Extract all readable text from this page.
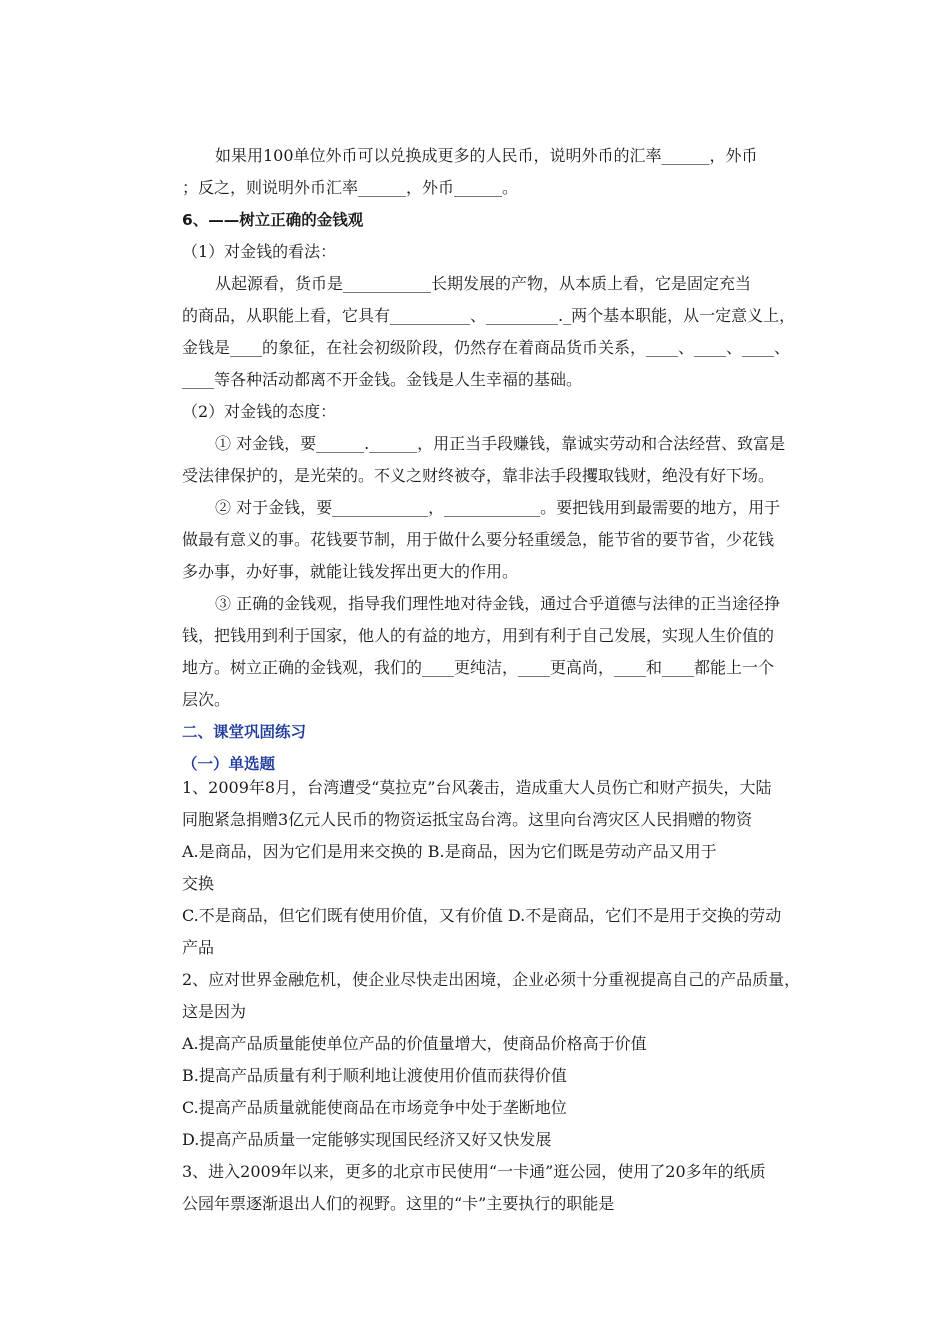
如果用100单位外币可以兑换成更多的人民币，说明外币的汇率______，外币
；反之，则说明外币汇率______，外币______。
6、——树立正确的金钱观
（1）对金钱的看法：
从起源看，货币是___________长期发展的产物，从本质上看，它是固定充当
的商品，从职能上看，它具有__________、_________._两个基本职能，从一定意义上，
金钱是____的象征，在社会初级阶段，仍然存在着商品货币关系，____、____、____、
____等各种活动都离不开金钱。金钱是人生幸福的基础。
（2）对金钱的态度：
① 对金钱，要______.______，用正当手段赚钱，靠诚实劳动和合法经营、致富是
受法律保护的，是光荣的。不义之财终被夺，靠非法手段攫取钱财，绝没有好下场。
② 对于金钱，要____________，____________。要把钱用到最需要的地方，用于
做最有意义的事。花钱要节制，用于做什么要分轻重缓急，能节省的要节省，少花钱
多办事，办好事，就能让钱发挥出更大的作用。
③ 正确的金钱观，指导我们理性地对待金钱，通过合乎道德与法律的正当途径挣
钱，把钱用到利于国家，他人的有益的地方，用到有利于自己发展，实现人生价值的
地方。树立正确的金钱观，我们的____更纯洁，____更高尚，____和____都能上一个
层次。
二、课堂巩固练习
（一）单选题
1、2009年8月，台湾遭受“莫拉克”台风袭击，造成重大人员伤亡和财产损失，大陆
同胞紧急捐赠3亿元人民币的物资运抵宝岛台湾。这里向台湾灾区人民捐赠的物资
A.是商品，因为它们是用来交换的 B.是商品，因为它们既是劳动产品又用于
交换
C.不是商品，但它们既有使用价值，又有价值 D.不是商品，它们不是用于交换的劳动
产品
2、应对世界金融危机，使企业尽快走出困境，企业必须十分重视提高自己的产品质量，
这是因为
A.提高产品质量能使单位产品的价值量增大，使商品价格高于价值
B.提高产品质量有利于顺利地让渡使用价值而获得价值
C.提高产品质量就能使商品在市场竞争中处于垄断地位
D.提高产品质量一定能够实现国民经济又好又快发展
3、进入2009年以来，更多的北京市民使用“一卡通”逛公园，使用了20多年的纸质
公园年票逐渐退出人们的视野。这里的“卡”主要执行的职能是
